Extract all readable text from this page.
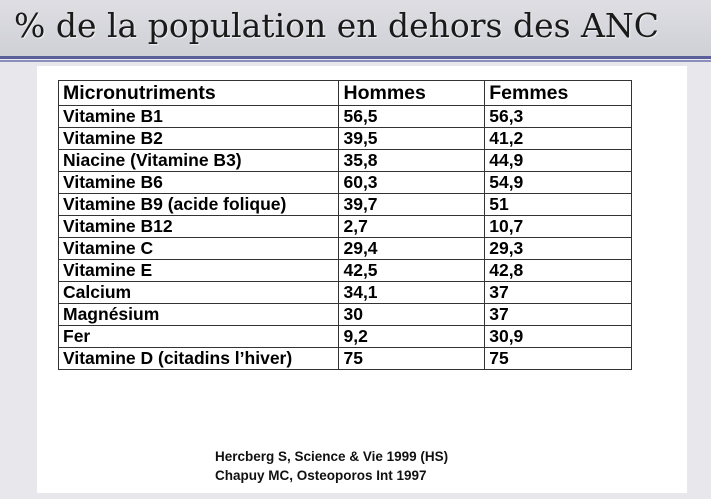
% de la population en dehors des ANC
Micronutriments	Hommes	Femmes
Vitamine B1	56,5	56,3
Vitamine B2	39,5	41,2
Niacine (Vitamine B3)	35,8	44,9
Vitamine B6	60,3	54,9
Vitamine B9 (acide folique)	39,7	51
Vitamine B12	2,7	10,7
Vitamine C	29,4	29,3
Vitamine E	42,5	42,8
Calcium	34,1	37
Magnésium	30	37
Fer	9,2	30,9
Vitamine D (citadins l’hiver)	75	75
Hercberg S, Science & Vie 1999 (HS)
Chapuy MC, Osteoporos Int 1997
